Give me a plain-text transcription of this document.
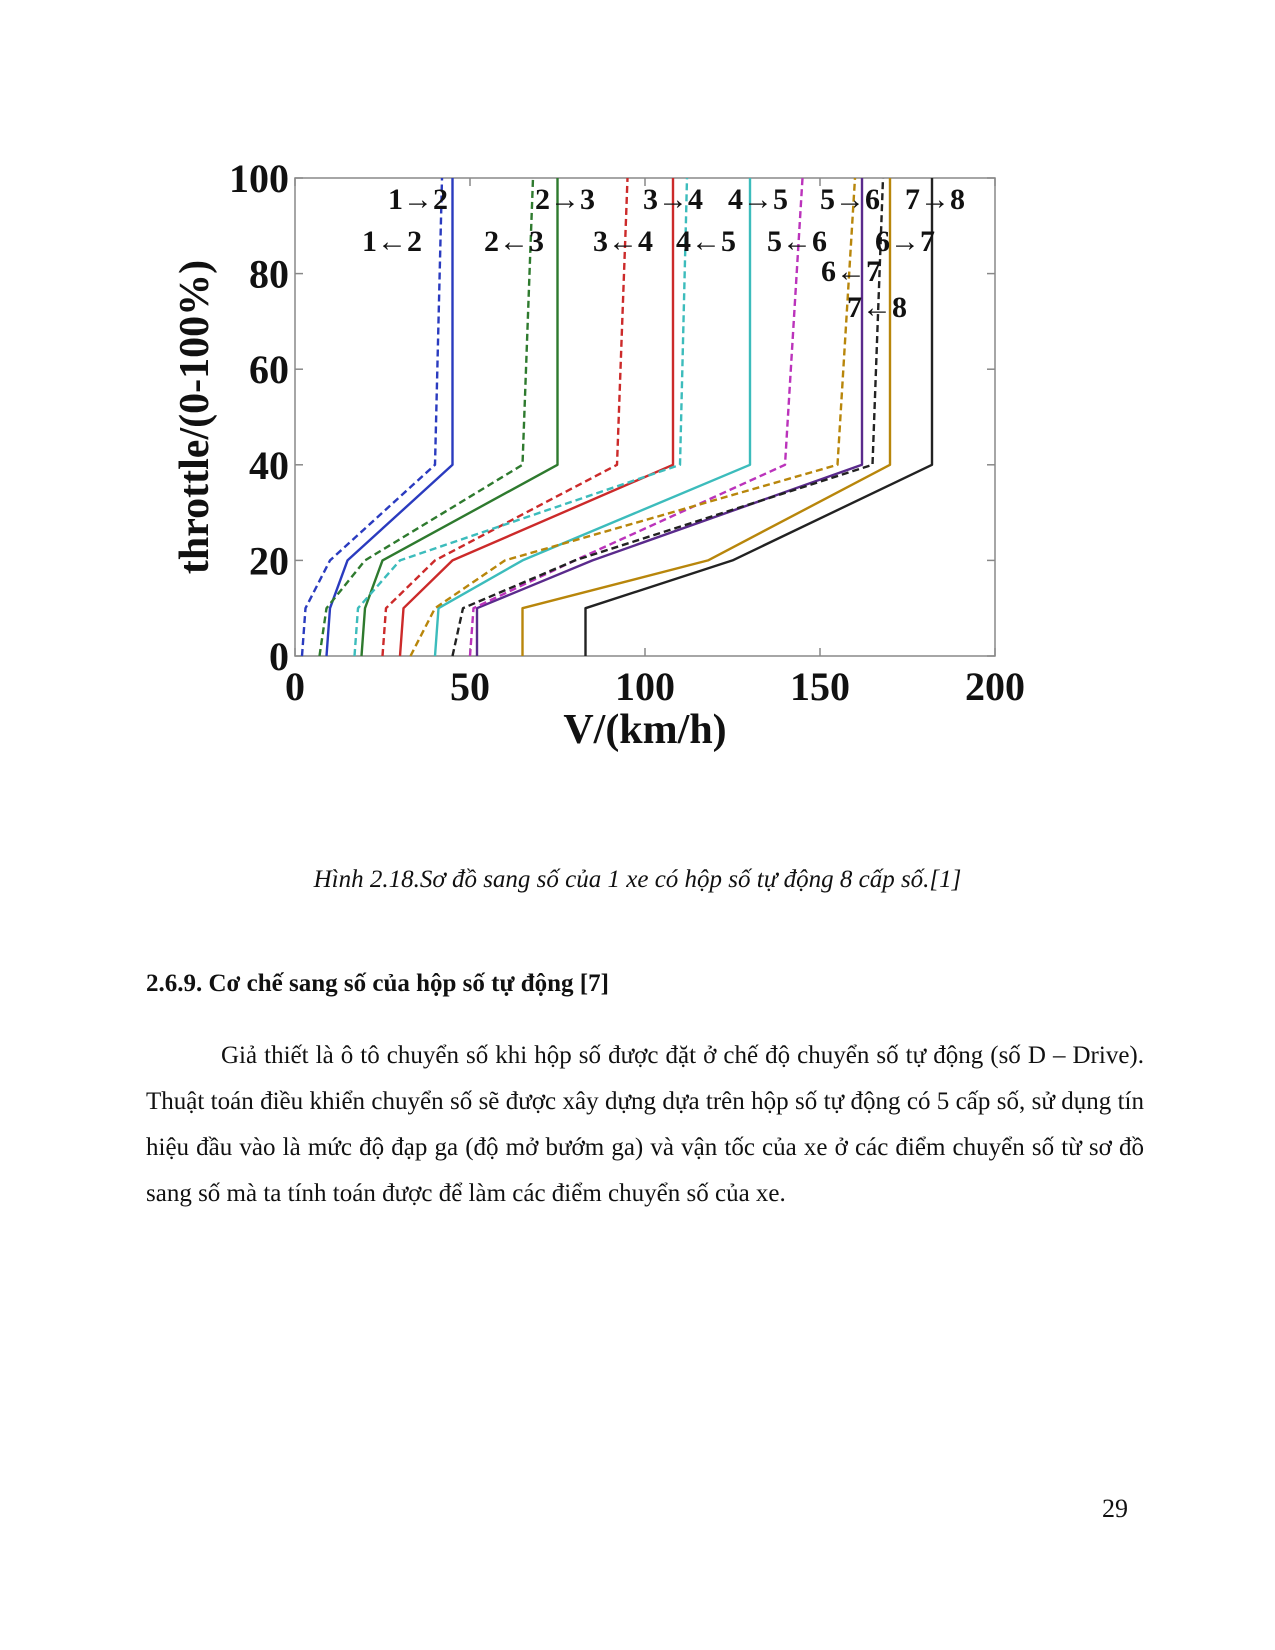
0	50	100	150	200
0
20
40
60
80
100
V/(km/h)
throttle/(0-100%)
1→2
1←2
2→3
2←3
3→4
3←4
4→5
4←5
5→6
5←6 6→7
6←7
7→8
7←8
Hình 2.18.Sơ đồ sang số của 1 xe có hộp số tự động 8 cấp số.[1]
2.6.9. Cơ chế sang số của hộp số tự động [7]

Giả thiết là ô tô chuyển số khi hộp số được đặt ở chế độ chuyển số tự động (số D – Drive). Thuật toán điều khiển chuyển số sẽ được xây dựng dựa trên hộp số tự động có 5 cấp số, sử dụng tín hiệu đầu vào là mức độ đạp ga (độ mở bướm ga) và vận tốc của xe ở các điểm chuyển số từ sơ đồ sang số mà ta tính toán được để làm các điểm chuyển số của xe.

29
